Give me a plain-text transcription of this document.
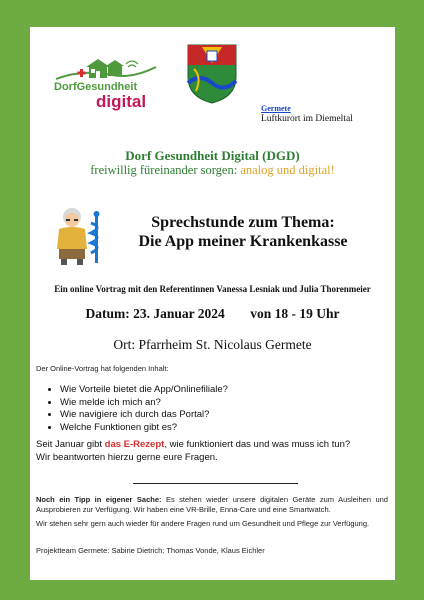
DorfGesundheit
digital	Germete
Luftkurort im Diemeltal
Dorf Gesundheit Digital (DGD)
freiwillig füreinander sorgen: analog und digital!
Sprechstunde zum Thema:
Die App meiner Krankenkasse
Ein online Vortrag mit den Referentinnen Vanessa Lesniak und Julia Thorenmeier
Datum: 23. Januar 2024 von 18 - 19 Uhr
Ort: Pfarrheim St. Nicolaus Germete
Der Online-Vortrag hat folgenden Inhalt:
• Wie Vorteile bietet die App/Onlinefiliale?
• Wie melde ich mich an?
• Wie navigiere ich durch das Portal?
• Welche Funktionen gibt es?
Seit Januar gibt das E-Rezept, wie funktioniert das und was muss ich tun?
Wir beantworten hierzu gerne eure Fragen.
Noch ein Tipp in eigener Sache: Es stehen wieder unsere digitalen Geräte zum Ausleihen und Ausprobieren zur Verfügung. Wir haben eine VR-Brille, Enna-Care und eine Smartwatch.
Wir stehen sehr gern auch wieder für andere Fragen rund um Gesundheit und Pflege zur Verfügung.
Projektteam Germete: Sabine Dietrich; Thomas Vonde, Klaus Eichler
